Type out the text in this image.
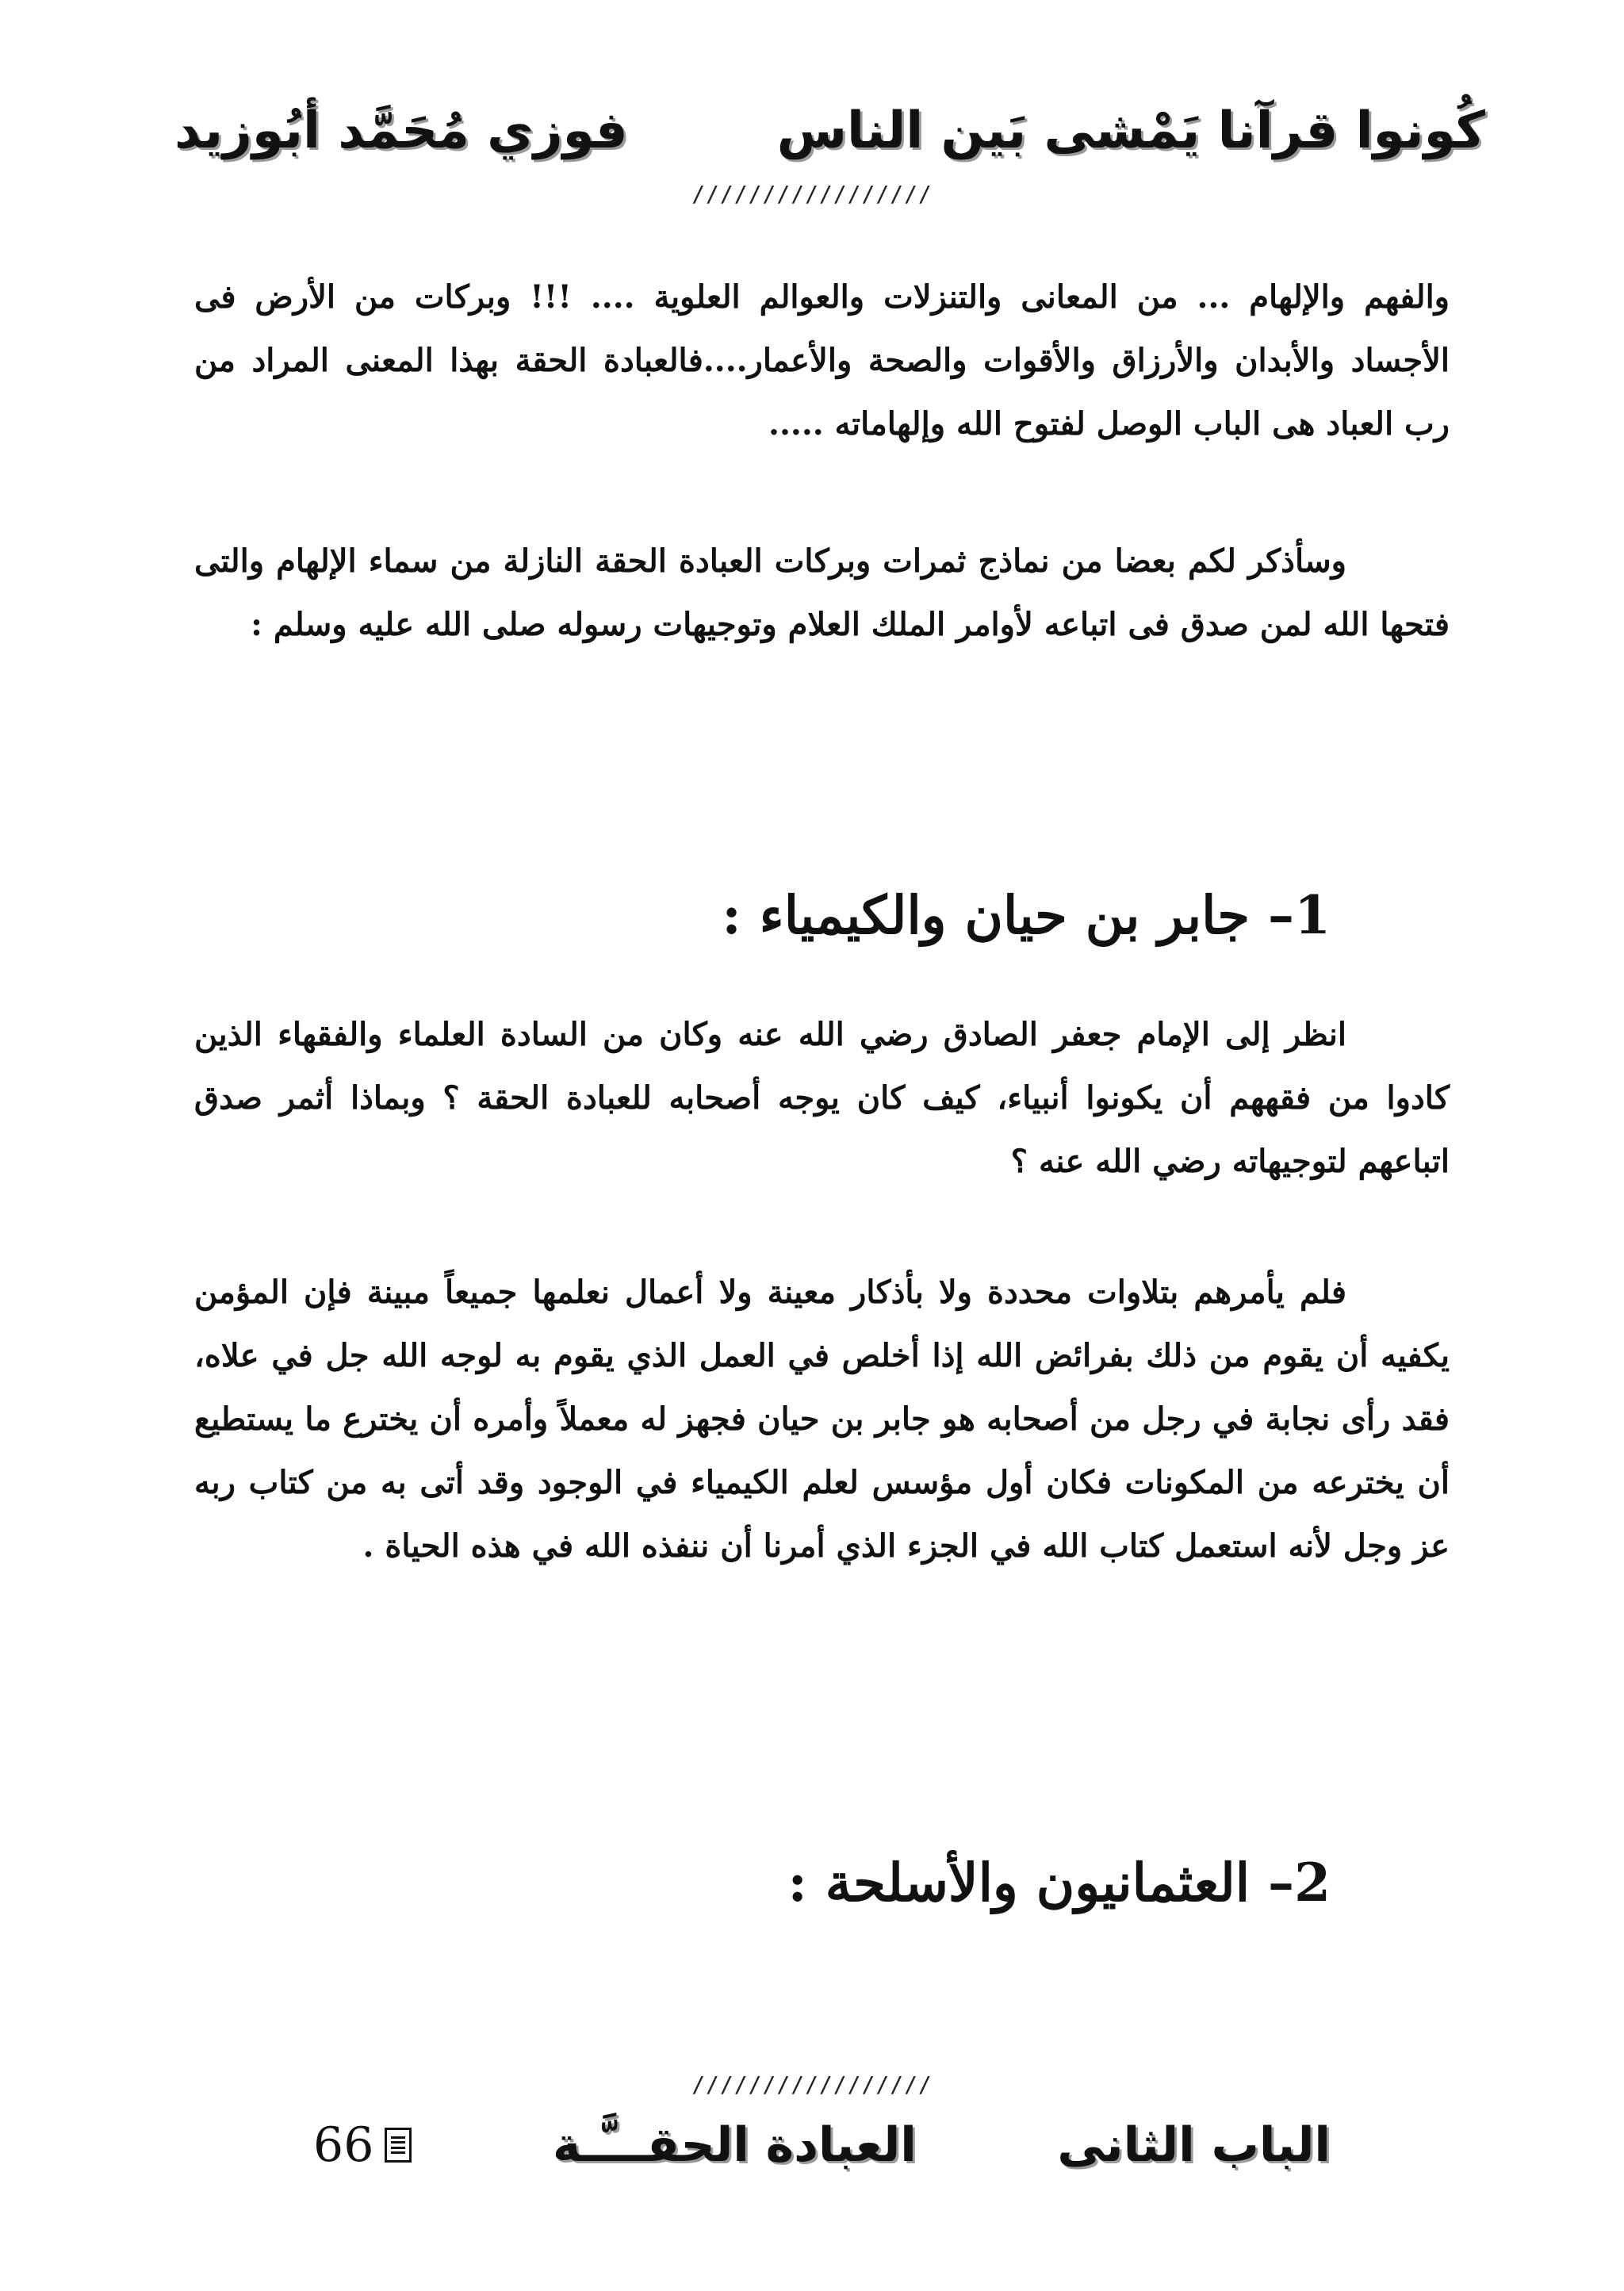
كُونوا قرآنا يَمْشى بَين الناس
فوزي مُحَمَّد أبُوزيد
/////////////////
والفهم والإلهام ... من المعانى والتنزلات والعوالم العلوية .... !!! وبركات من الأرض فى الأجساد والأبدان والأرزاق والأقوات والصحة والأعمار....فالعبادة الحقة بهذا المعنى المراد من رب العباد هى الباب الوصل لفتوح الله وإلهاماته .....
وسأذكر لكم بعضا من نماذج ثمرات وبركات العبادة الحقة النازلة من سماء الإلهام والتى فتحها الله لمن صدق فى اتباعه لأوامر الملك العلام وتوجيهات رسوله صلى الله عليه وسلم :
1– جابر بن حيان والكيمياء :
انظر إلى الإمام جعفر الصادق رضي الله عنه وكان من السادة العلماء والفقهاء الذين كادوا من فقههم أن يكونوا أنبياء، كيف كان يوجه أصحابه للعبادة الحقة ؟ وبماذا أثمر صدق اتباعهم لتوجيهاته رضي الله عنه ؟
فلم يأمرهم بتلاوات محددة ولا بأذكار معينة ولا أعمال نعلمها جميعاً مبينة فإن المؤمن يكفيه أن يقوم من ذلك بفرائض الله إذا أخلص في العمل الذي يقوم به لوجه الله جل في علاه، فقد رأى نجابة في رجل من أصحابه هو جابر بن حيان فجهز له معملاً وأمره أن يخترع ما يستطيع أن يخترعه من المكونات فكان أول مؤسس لعلم الكيمياء في الوجود وقد أتى به من كتاب ربه عز وجل لأنه استعمل كتاب الله في الجزء الذي أمرنا أن ننفذه الله في هذه الحياة .
2– العثمانيون والأسلحة :
/////////////////
الباب الثانى
العبادة الحقـــَّـة
66
